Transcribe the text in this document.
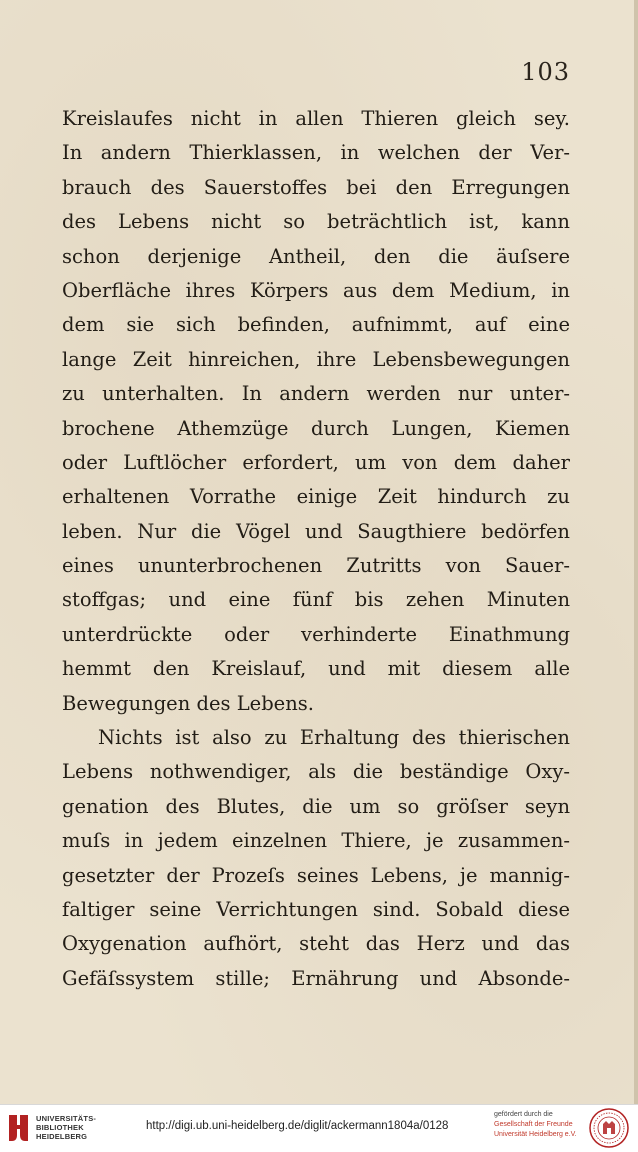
103
Kreislaufes nicht in allen Thieren gleich sey.
In andern Thierklassen, in welchen der Ver-
brauch des Sauerstoffes bei den Erregungen
des Lebens nicht so beträchtlich ist, kann
schon derjenige Antheil, den die äuſsere
Oberfläche ihres Körpers aus dem Medium, in
dem sie sich befinden, aufnimmt, auf eine
lange Zeit hinreichen, ihre Lebensbewegungen
zu unterhalten. In andern werden nur unter-
brochene Athemzüge durch Lungen, Kiemen
oder Luftlöcher erfordert, um von dem daher
erhaltenen Vorrathe einige Zeit hindurch zu
leben. Nur die Vögel und Saugthiere bedörfen
eines ununterbrochenen Zutritts von Sauer-
stoffgas; und eine fünf bis zehen Minuten
unterdrückte oder verhinderte Einathmung
hemmt den Kreislauf, und mit diesem alle
Bewegungen des Lebens.
Nichts ist also zu Erhaltung des thierischen
Lebens nothwendiger, als die beständige Oxy-
genation des Blutes, die um so gröſser seyn
muſs in jedem einzelnen Thiere, je zusammen-
gesetzter der Prozeſs seines Lebens, je mannig-
faltiger seine Verrichtungen sind. Sobald diese
Oxygenation aufhört, steht das Herz und das
Gefäſssystem stille; Ernährung und Absonde-
UNIVERSITÄTS-
BIBLIOTHEK
HEIDELBERG
http://digi.ub.uni-heidelberg.de/diglit/ackermann1804a/0128
gefördert durch die
Gesellschaft der Freunde
Universität Heidelberg e.V.
